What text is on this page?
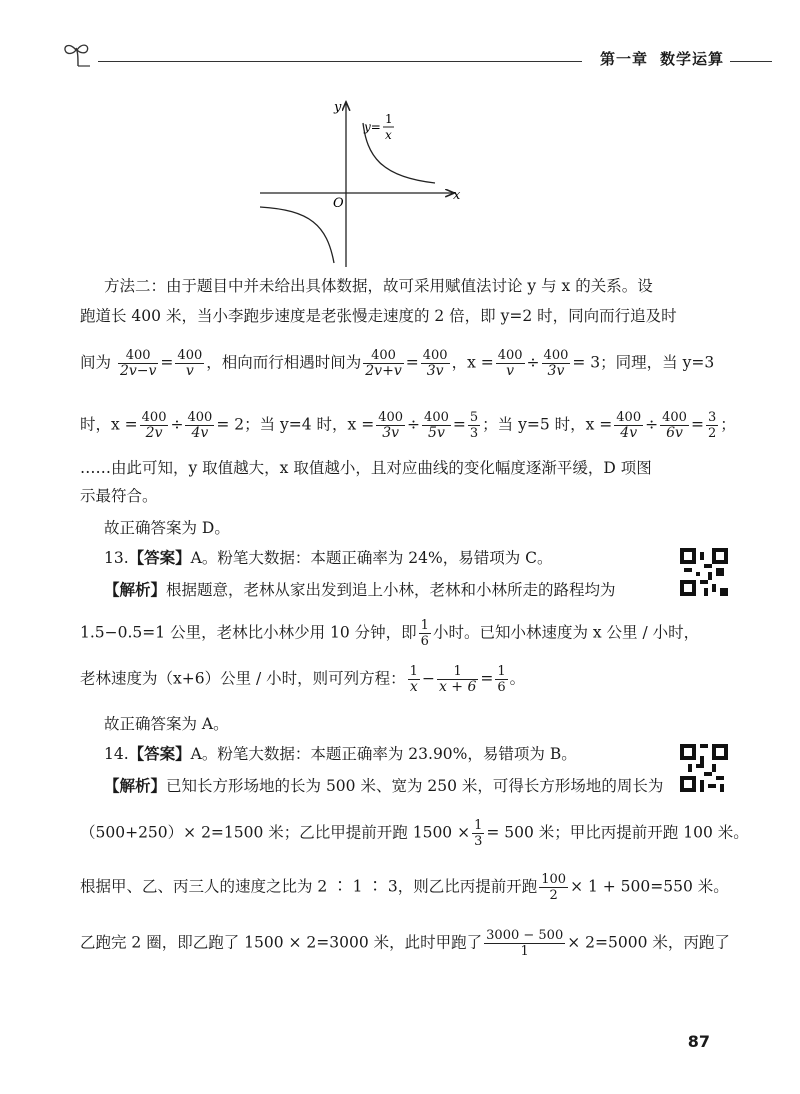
第一章 数学运算
y
x
O
y=
1
x
方法二：由于题目中并未给出具体数据，故可采用赋值法讨论 y 与 x 的关系。设
跑道长 400 米，当小李跑步速度是老张慢走速度的 2 倍，即 y=2 时，同向而行追及时
间为 $\frac{400}{2v-v} = \frac{400}{v}$ ，相向而行相遇时间为 $\frac{400}{2v+v} = \frac{400}{3v}$ ，$x = \frac{400}{v} \div \frac{400}{3v} = 3$；同理，当 y=3
时，$x = \frac{400}{2v} \div \frac{400}{4v} = 2$；当 y=4 时，$x = \frac{400}{3v} \div \frac{400}{5v} = \frac{5}{3}$ ；当 y=5 时，$x = \frac{400}{4v} \div \frac{400}{6v} = \frac{3}{2}$ ；
……由此可知，y 取值越大，x 取值越小，且对应曲线的变化幅度逐渐平缓，D 项图
示最符合。
故正确答案为 D。
13.【答案】A。粉笔大数据：本题正确率为 24%，易错项为 C。
【解析】根据题意，老林从家出发到追上小林，老林和小林所走的路程均为
1.5−0.5=1 公里，老林比小林少用 10 分钟，即 $\frac{1}{6}$ 小时。已知小林速度为 x 公里 / 小时，
老林速度为（x+6）公里 / 小时，则可列方程： $\frac{1}{x} - \frac{1}{x + 6} = \frac{1}{6}$ 。
故正确答案为 A。
14.【答案】A。粉笔大数据：本题正确率为 23.90%，易错项为 B。
【解析】已知长方形场地的长为 500 米、宽为 250 米，可得长方形场地的周长为
（500+250）× 2=1500 米；乙比甲提前开跑 $1500 \times \frac{1}{3} = 500$ 米；甲比丙提前开跑 100 米。
根据甲、乙、丙三人的速度之比为 2 ∶ 1 ∶ 3，则乙比丙提前开跑 $\frac{100}{2} \times 1 + 500=550$ 米。
乙跑完 2 圈，即乙跑了 1500 × 2=3000 米，此时甲跑了 $\frac{3000 - 500}{1} \times 2=5000$ 米，丙跑了
87
